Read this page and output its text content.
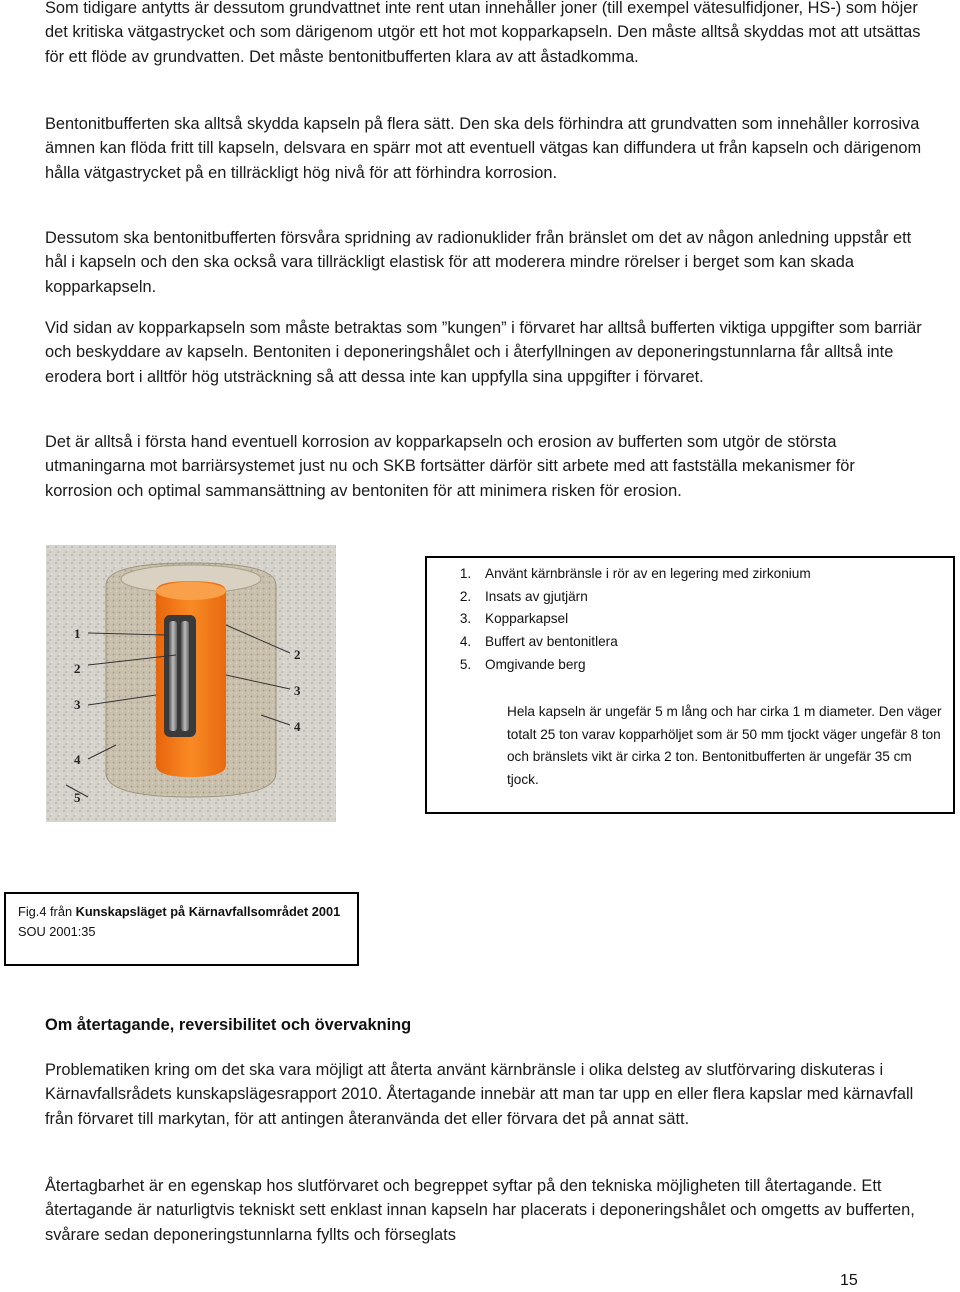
Som tidigare antytts är dessutom grundvattnet inte rent utan innehåller joner (till exempel vätesulfidjoner, HS-) som höjer det kritiska vätgastrycket och som därigenom utgör ett hot mot kopparkapseln. Den måste alltså skyddas mot att utsättas för ett flöde av grundvatten. Det måste bentonitbufferten klara av att åstadkomma.

Bentonitbufferten ska alltså skydda kapseln på flera sätt. Den ska dels förhindra att grundvatten som innehåller korrosiva ämnen kan flöda fritt till kapseln, delsvara en spärr mot att eventuell vätgas kan diffundera ut från kapseln och därigenom hålla vätgastrycket på en tillräckligt hög nivå för att förhindra korrosion.

Dessutom ska bentonitbufferten försvåra spridning av radionuklider från bränslet om det av någon anledning uppstår ett hål i kapseln och den ska också vara tillräckligt elastisk för att moderera mindre rörelser i berget som kan skada kopparkapseln.

Vid sidan av kopparkapseln som måste betraktas som ”kungen” i förvaret har alltså bufferten viktiga uppgifter som barriär och beskyddare av kapseln. Bentoniten i deponeringshålet och i återfyllningen av deponeringstunnlarna får alltså inte erodera bort i alltför hög utsträckning så att dessa inte kan uppfylla sina uppgifter i förvaret.

Det är alltså i första hand eventuell korrosion av kopparkapseln och erosion av bufferten som utgör de största utmaningarna mot barriärsystemet just nu och SKB fortsätter därför sitt arbete med att fastställa mekanismer för korrosion och optimal sammansättning av bentoniten för att minimera risken för erosion.

1
2
3
4
5
2
3
4
1. Använt kärnbränsle i rör av en legering med zirkonium
2. Insats av gjutjärn
3. Kopparkapsel
4. Buffert av bentonitlera
5. Omgivande berg

Hela kapseln är ungefär 5 m lång och har cirka 1 m diameter. Den väger totalt 25 ton varav kopparhöljet som är 50 mm tjockt väger ungefär 8 ton och bränslets vikt är cirka 2 ton. Bentonitbufferten är ungefär 35 cm tjock.

Fig.4 från Kunskapsläget på Kärnavfallsområdet 2001
SOU 2001:35
Om återtagande, reversibilitet och övervakning

Problematiken kring om det ska vara möjligt att återta använt kärnbränsle i olika delsteg av slutförvaring diskuteras i Kärnavfallsrådets kunskapslägesrapport 2010. Återtagande innebär att man tar upp en eller flera kapslar med kärnavfall från förvaret till markytan, för att antingen återanvända det eller förvara det på annat sätt.

Återtagbarhet är en egenskap hos slutförvaret och begreppet syftar på den tekniska möjligheten till återtagande. Ett återtagande är naturligtvis tekniskt sett enklast innan kapseln har placerats i deponeringshålet och omgetts av bufferten, svårare sedan deponeringstunnlarna fyllts och förseglats

15
